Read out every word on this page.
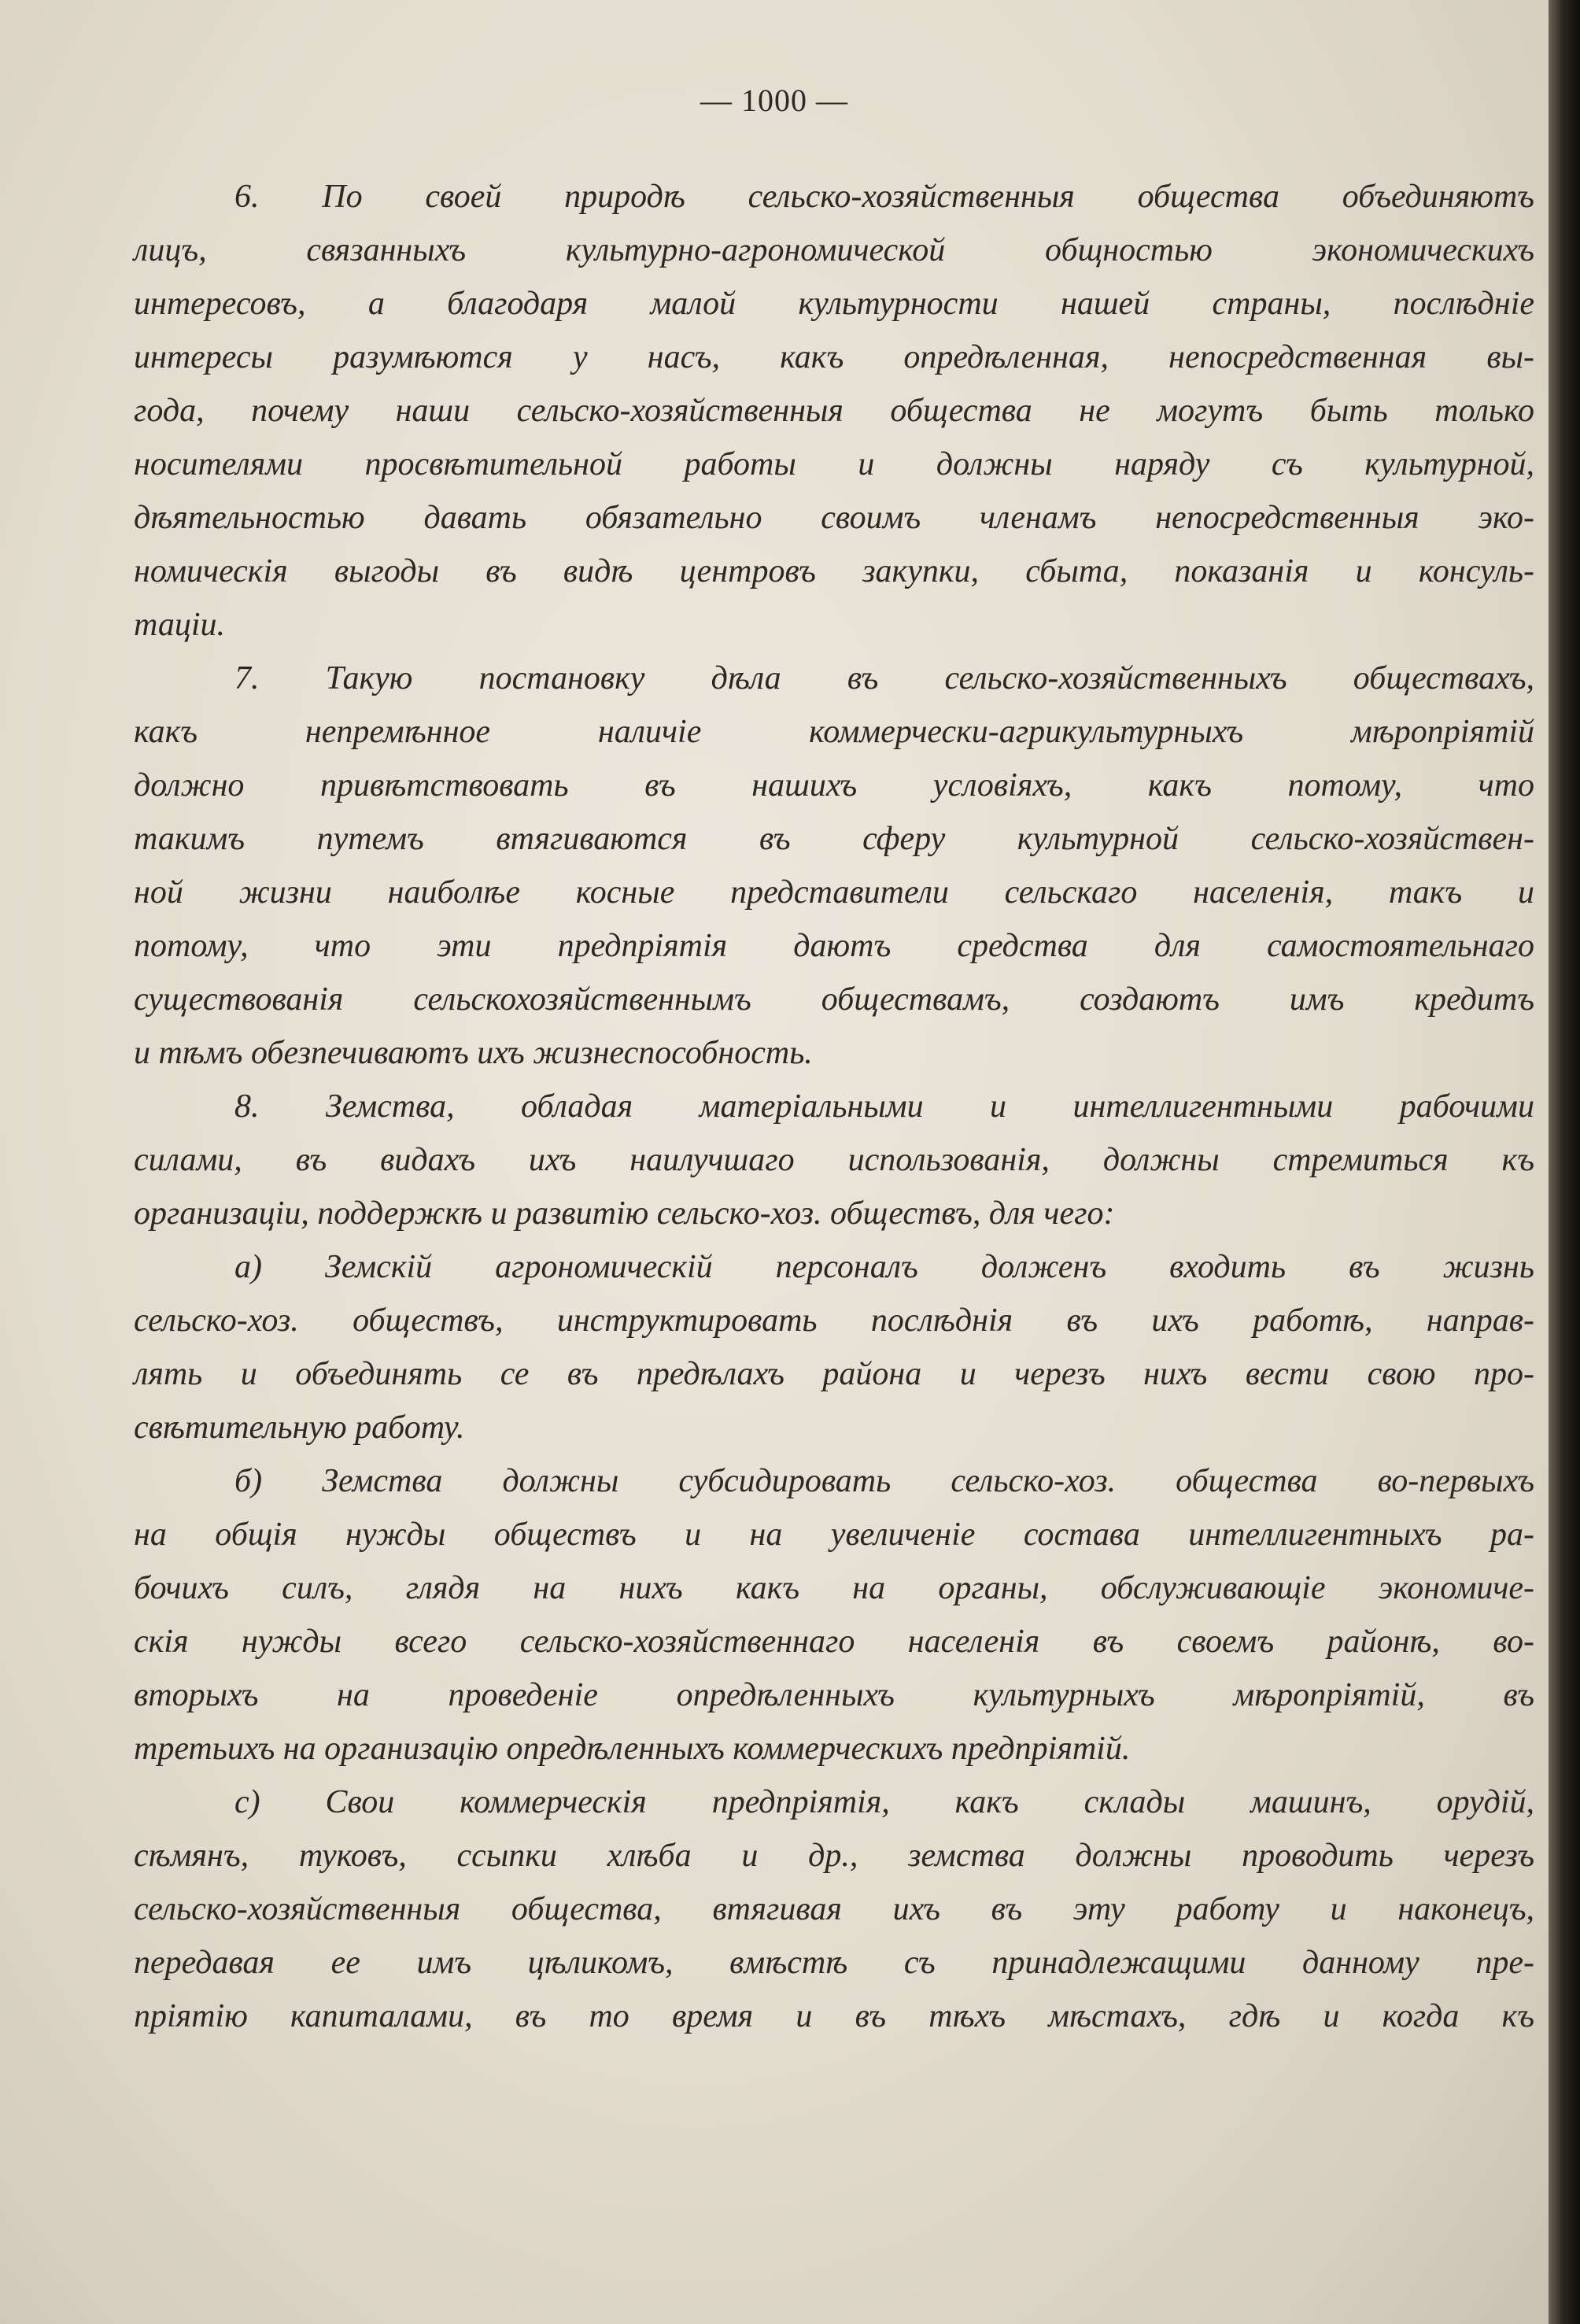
— 1000 —
6. По своей природѣ сельско-хозяйственныя общества объединяютъ
лицъ, связанныхъ культурно-агрономической общностью экономическихъ
интересовъ, а благодаря малой культурности нашей страны, послѣднie
интересы разумѣются у насъ, какъ опредѣленная, непосредственная вы-
года, почему наши сельско-хозяйственныя общества не могутъ быть только
носителями просвѣтительной работы и должны наряду съ культурной,
дѣятельностью давать обязательно своимъ членамъ непосредственныя эко-
номическiя выгоды въ видѣ центровъ закупки, сбыта, показанiя и консуль-
тацiи.
7. Такую постановку дѣла въ сельско-хозяйственныхъ обществахъ,
какъ непремѣнное наличie коммерчески-агрикультурныхъ мѣропрiятiй
должно привѣтствовать въ нашихъ условiяхъ, какъ потому, что
такимъ путемъ втягиваются въ сферу культурной сельско-хозяйствен-
ной жизни наиболѣе косные представители сельскаго населенiя, такъ и
потому, что эти предпрiятiя даютъ средства для самостоятельнаго
существованiя сельскохозяйственнымъ обществамъ, создаютъ имъ кредитъ
и тѣмъ обезпечиваютъ ихъ жизнеспособность.
8. Земства, обладая матерiальными и интеллигентными рабочими
силами, въ видахъ ихъ наилучшаго использованiя, должны стремиться къ
организацiи, поддержкѣ и развитiю сельско-хоз. обществъ, для чего:
а) Земскiй агрономическiй персоналъ долженъ входить въ жизнь
сельско-хоз. обществъ, инструктировать послѣднiя въ ихъ работѣ, направ-
лять и объединять се въ предѣлахъ района и черезъ нихъ вести свою про-
свѣтительную работу.
б) Земства должны субсидировать сельско-хоз. общества во-первыхъ
на общiя нужды обществъ и на увеличенie состава интеллигентныхъ ра-
бочихъ силъ, глядя на нихъ какъ на органы, обслуживающie экономиче-
скiя нужды всего сельско-хозяйственнаго населенiя въ своемъ районѣ, во-
вторыхъ на проведенie опредѣленныхъ культурныхъ мѣропрiятiй, въ
третьихъ на организацiю опредѣленныхъ коммерческихъ предпрiятiй.
с) Свои коммерческiя предпрiятiя, какъ склады машинъ, орудiй,
сѣмянъ, туковъ, ссыпки хлѣба и др., земства должны проводить черезъ
сельско-хозяйственныя общества, втягивая ихъ въ эту работу и наконецъ,
передавая ее имъ цѣликомъ, вмѣстѣ съ принадлежащими данному пре-
прiятiю капиталами, въ то время и въ тѣхъ мѣстахъ, гдѣ и когда къ
